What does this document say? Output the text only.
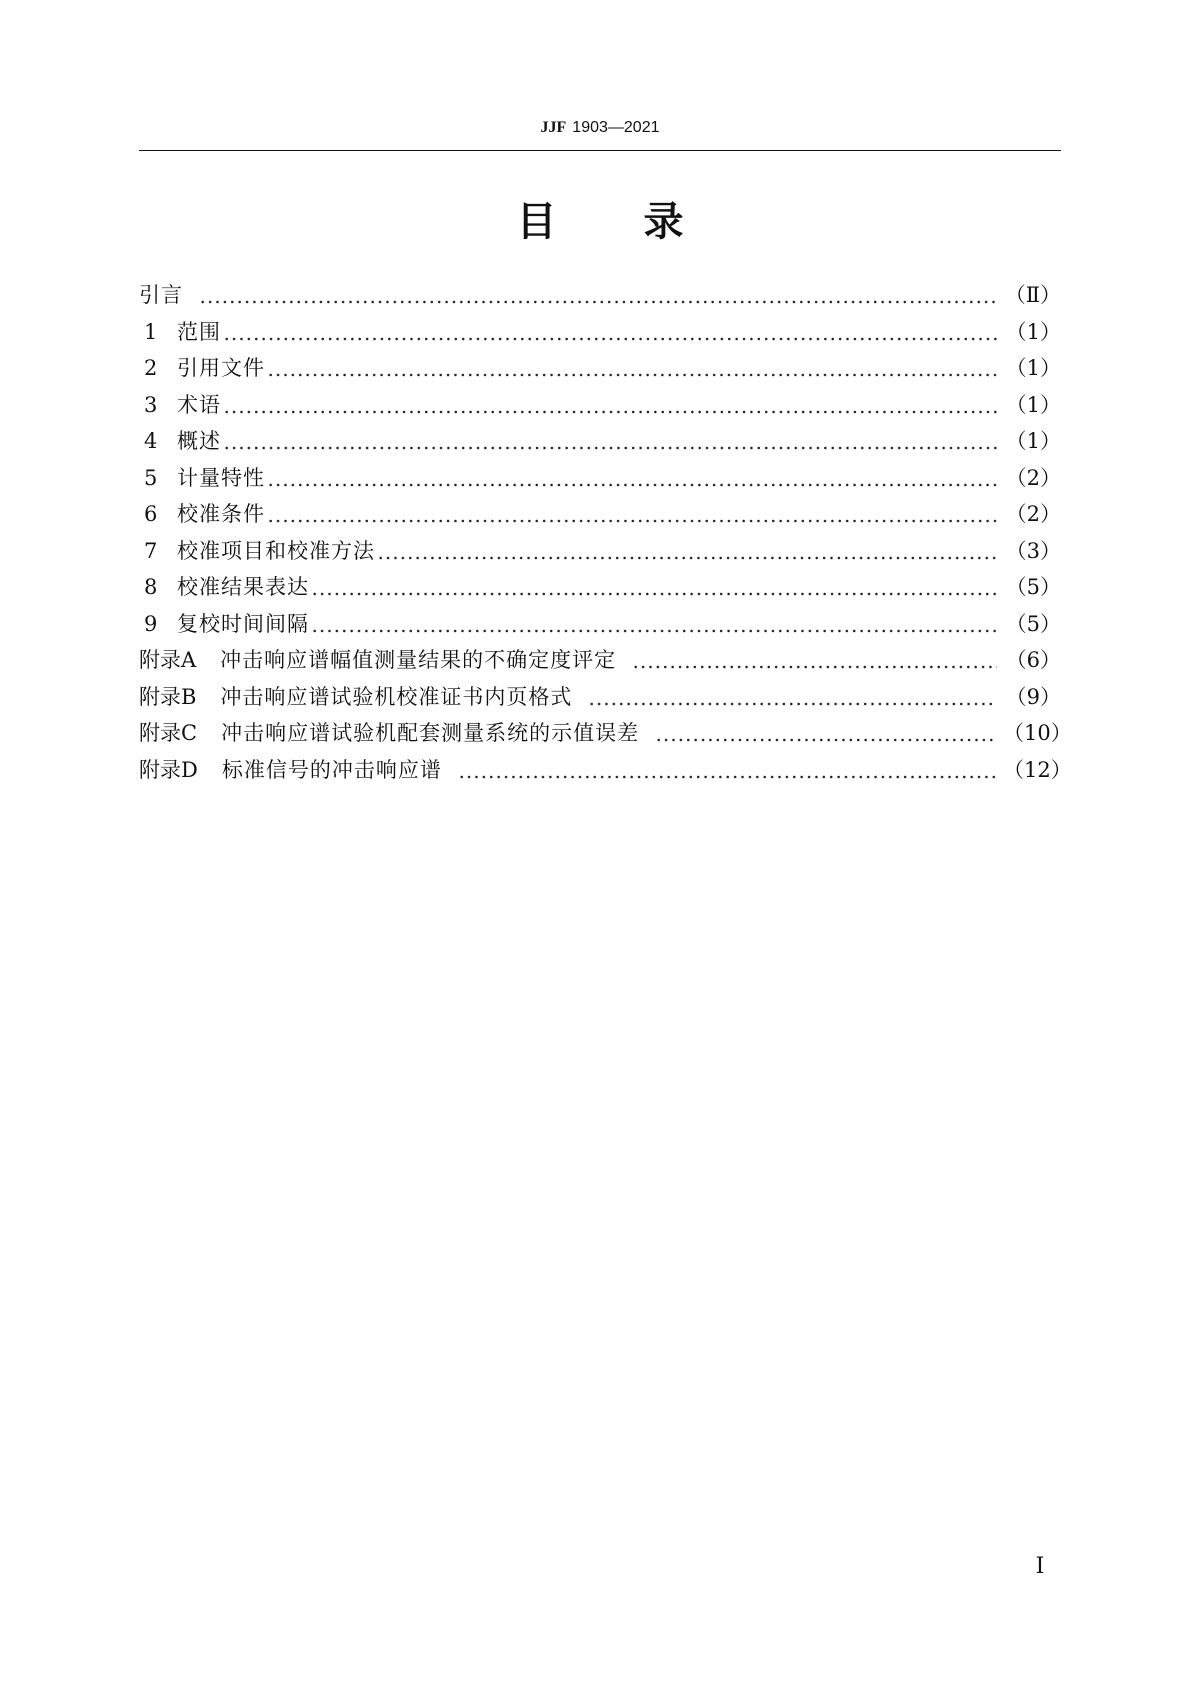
JJF 1903—2021
目录
引言	（Ⅱ）
1 范围	（1）
2 引用文件	（1）
3 术语	（1）
4 概述	（1）
5 计量特性	（2）
6 校准条件	（2）
7 校准项目和校准方法	（3）
8 校准结果表达	（5）
9 复校时间间隔	（5）
附录A 冲击响应谱幅值测量结果的不确定度评定	（6）
附录B 冲击响应谱试验机校准证书内页格式	（9）
附录C 冲击响应谱试验机配套测量系统的示值误差	（10）
附录D 标准信号的冲击响应谱	（12）
Ⅰ
